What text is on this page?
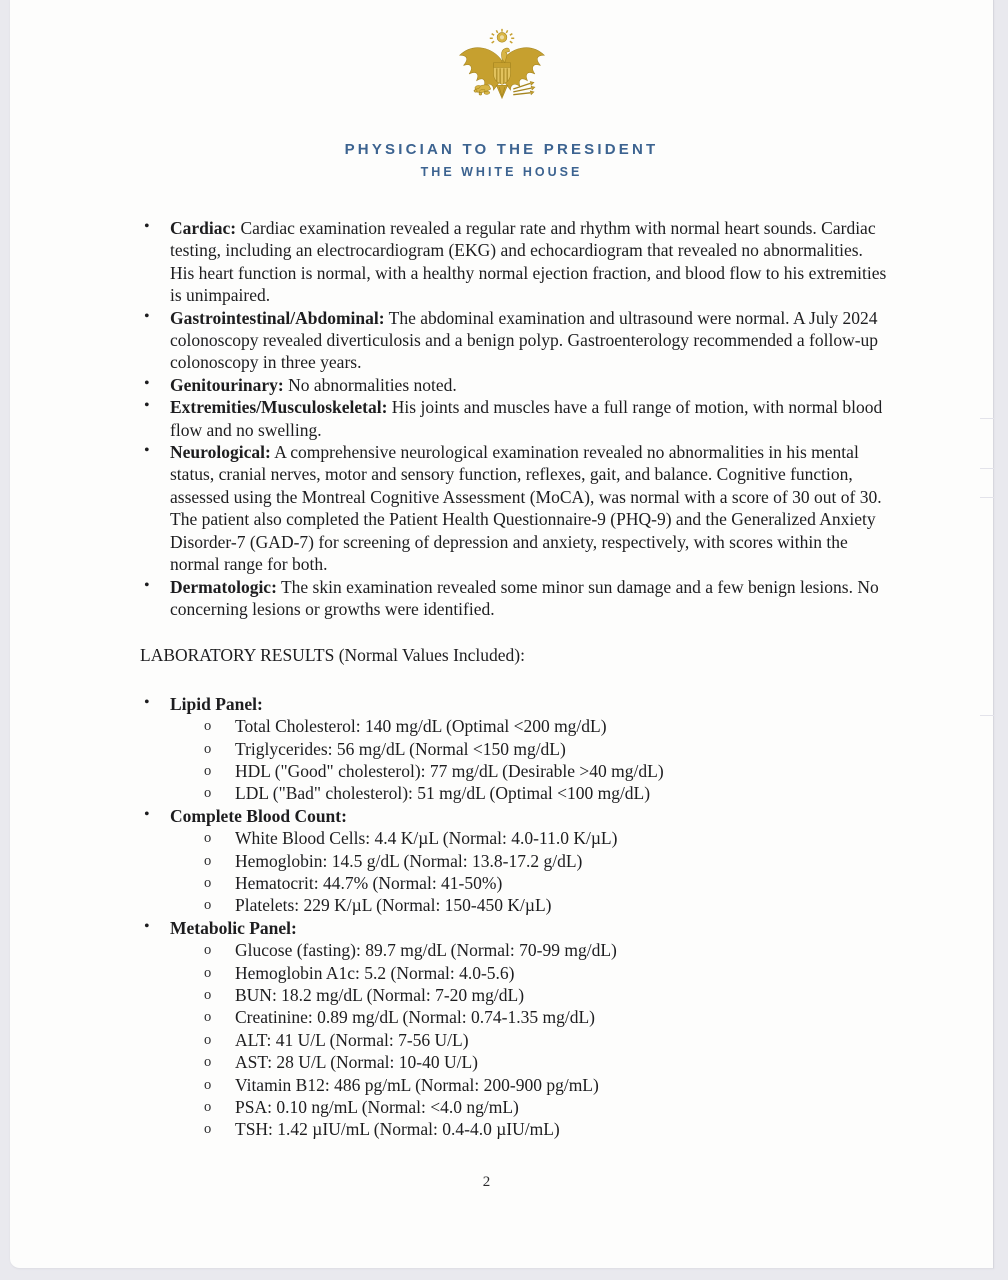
PHYSICIAN TO THE PRESIDENT
THE WHITE HOUSE
• Cardiac: Cardiac examination revealed a regular rate and rhythm with normal heart sounds. Cardiac testing, including an electrocardiogram (EKG) and echocardiogram that revealed no abnormalities. His heart function is normal, with a healthy normal ejection fraction, and blood flow to his extremities is unimpaired.
• Gastrointestinal/Abdominal: The abdominal examination and ultrasound were normal. A July 2024 colonoscopy revealed diverticulosis and a benign polyp. Gastroenterology recommended a follow-up colonoscopy in three years.
• Genitourinary: No abnormalities noted.
• Extremities/Musculoskeletal: His joints and muscles have a full range of motion, with normal blood flow and no swelling.
• Neurological: A comprehensive neurological examination revealed no abnormalities in his mental status, cranial nerves, motor and sensory function, reflexes, gait, and balance. Cognitive function, assessed using the Montreal Cognitive Assessment (MoCA), was normal with a score of 30 out of 30. The patient also completed the Patient Health Questionnaire-9 (PHQ-9) and the Generalized Anxiety Disorder-7 (GAD-7) for screening of depression and anxiety, respectively, with scores within the normal range for both.
• Dermatologic: The skin examination revealed some minor sun damage and a few benign lesions. No concerning lesions or growths were identified.
LABORATORY RESULTS (Normal Values Included):
• Lipid Panel:
o Total Cholesterol: 140 mg/dL (Optimal <200 mg/dL)
o Triglycerides: 56 mg/dL (Normal <150 mg/dL)
o HDL ("Good" cholesterol): 77 mg/dL (Desirable >40 mg/dL)
o LDL ("Bad" cholesterol): 51 mg/dL (Optimal <100 mg/dL)
• Complete Blood Count:
o White Blood Cells: 4.4 K/µL (Normal: 4.0-11.0 K/µL)
o Hemoglobin: 14.5 g/dL (Normal: 13.8-17.2 g/dL)
o Hematocrit: 44.7% (Normal: 41-50%)
o Platelets: 229 K/µL (Normal: 150-450 K/µL)
• Metabolic Panel:
o Glucose (fasting): 89.7 mg/dL (Normal: 70-99 mg/dL)
o Hemoglobin A1c: 5.2 (Normal: 4.0-5.6)
o BUN: 18.2 mg/dL (Normal: 7-20 mg/dL)
o Creatinine: 0.89 mg/dL (Normal: 0.74-1.35 mg/dL)
o ALT: 41 U/L (Normal: 7-56 U/L)
o AST: 28 U/L (Normal: 10-40 U/L)
o Vitamin B12: 486 pg/mL (Normal: 200-900 pg/mL)
o PSA: 0.10 ng/mL (Normal: <4.0 ng/mL)
o TSH: 1.42 µIU/mL (Normal: 0.4-4.0 µIU/mL)
2
